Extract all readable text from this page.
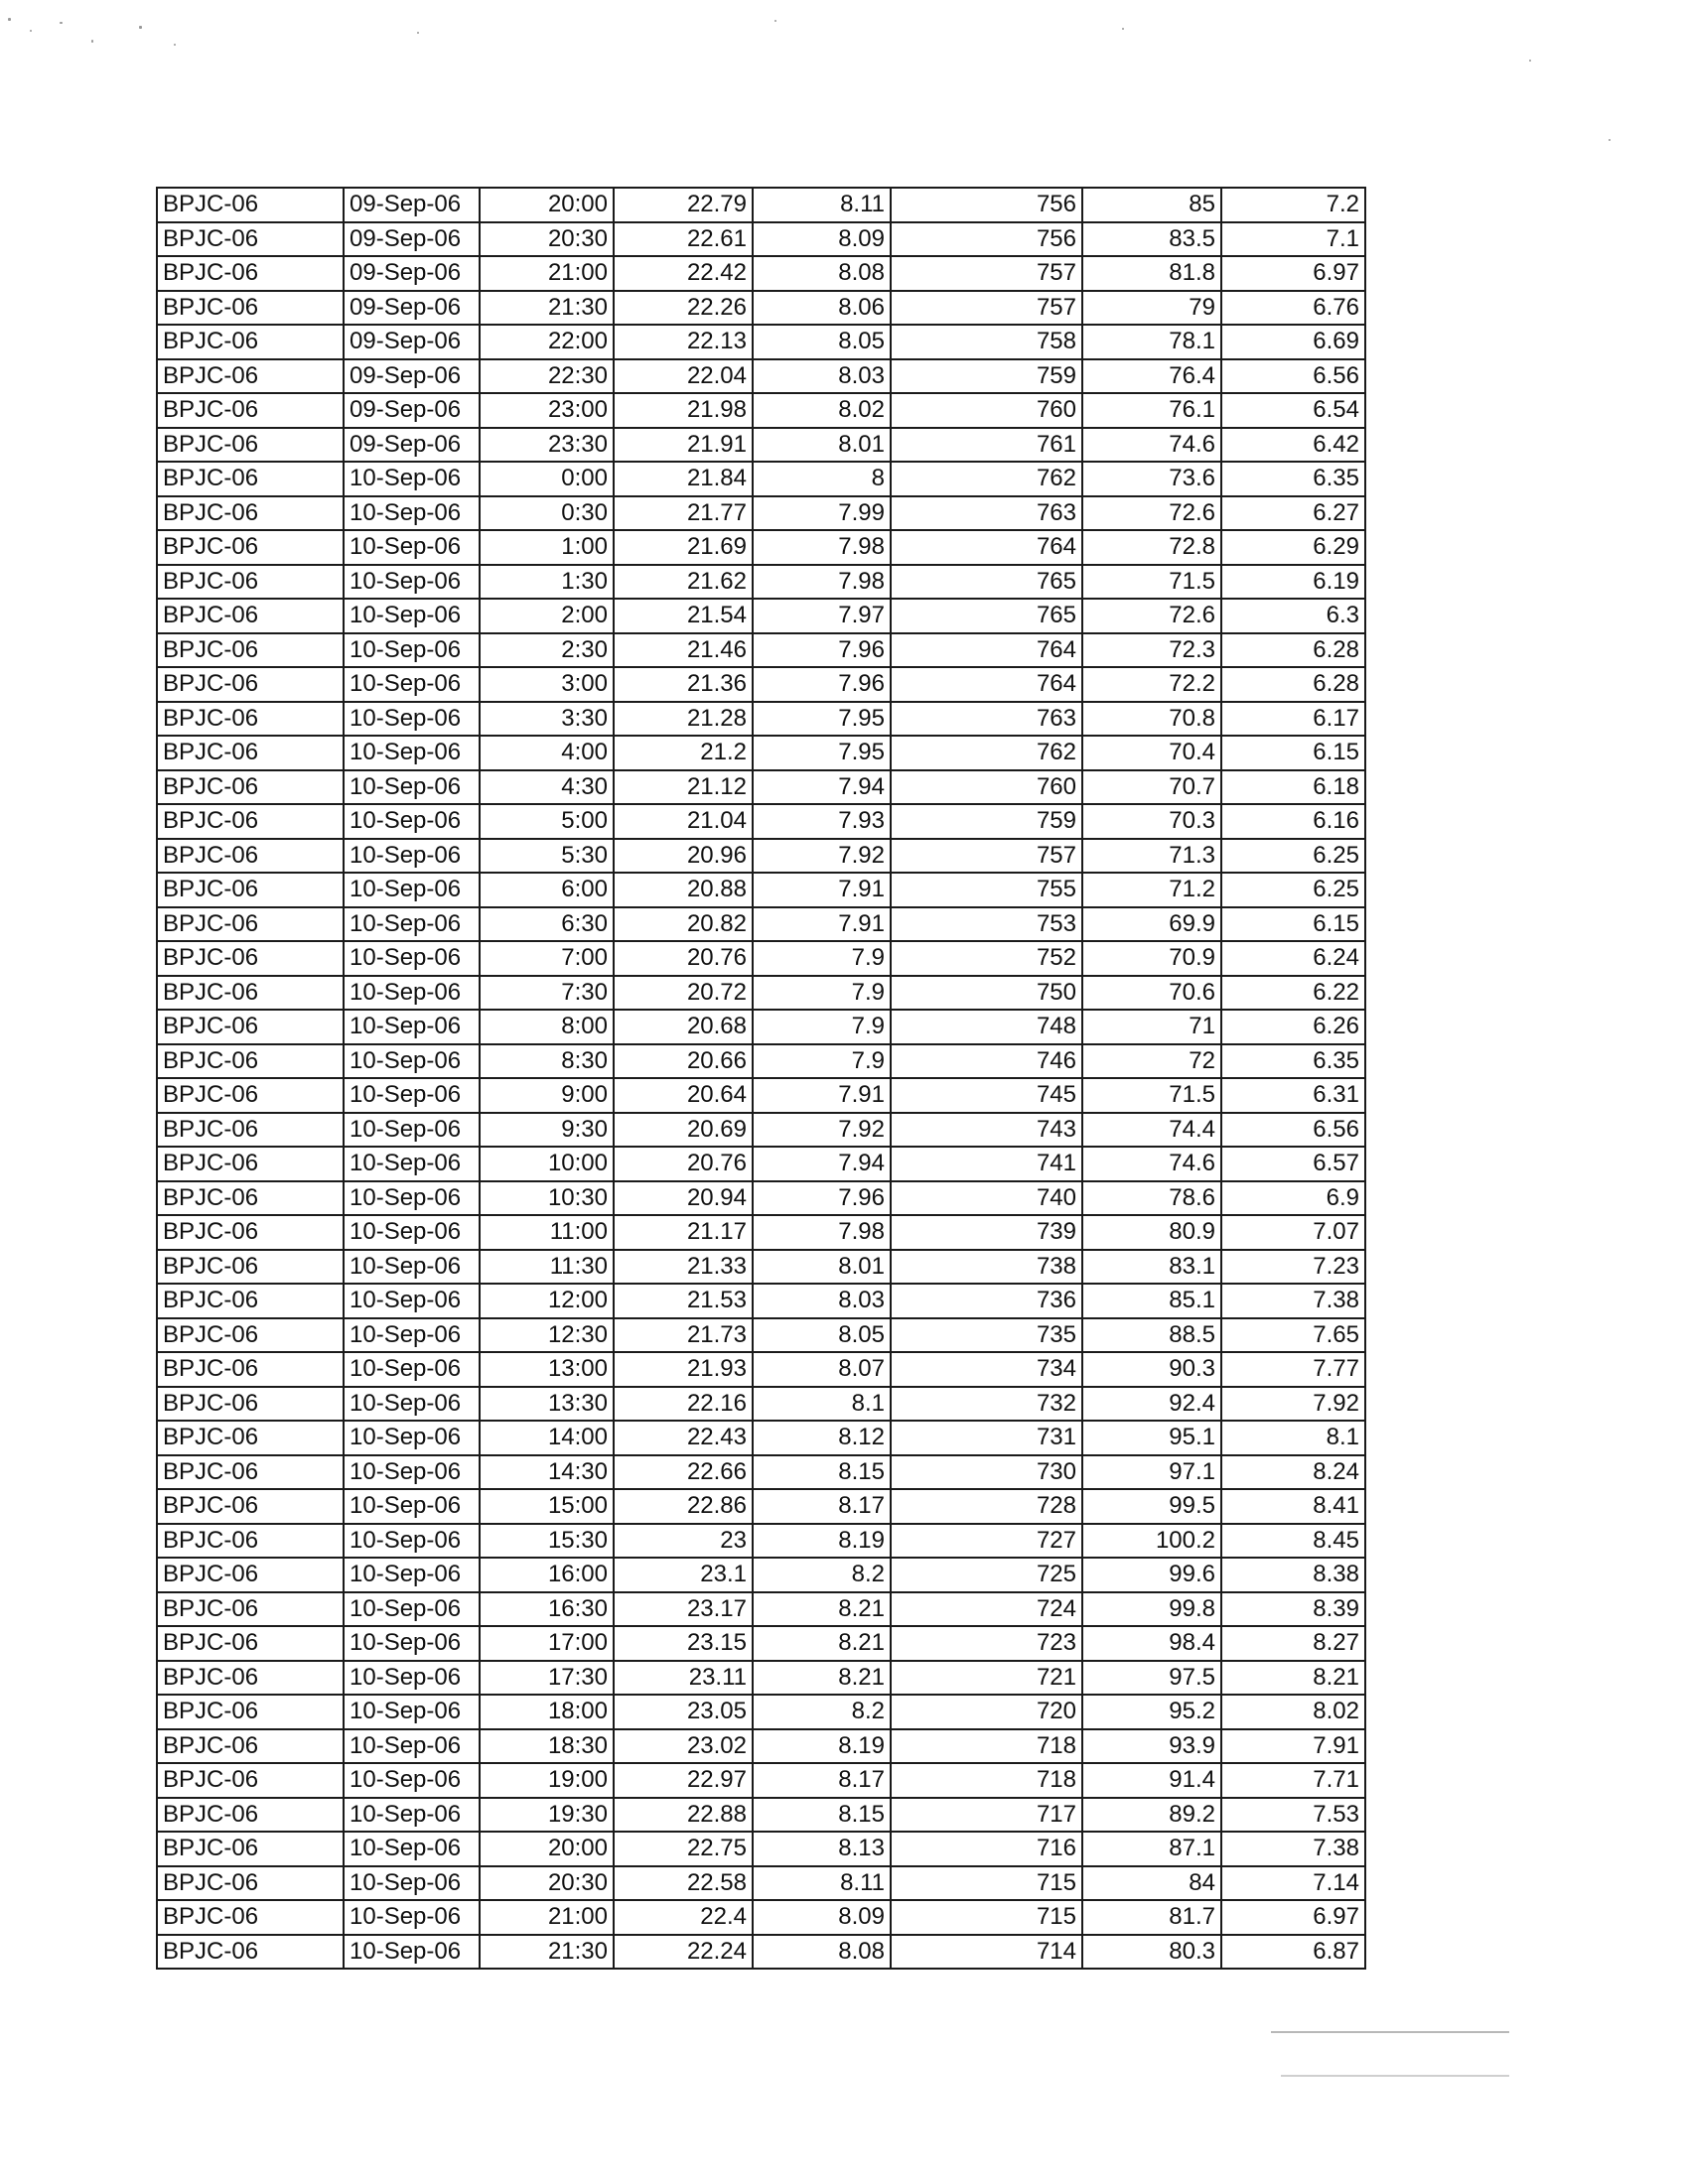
BPJC-06	09-Sep-06	20:00	22.79	8.11	756	85	7.2
BPJC-06	09-Sep-06	20:30	22.61	8.09	756	83.5	7.1
BPJC-06	09-Sep-06	21:00	22.42	8.08	757	81.8	6.97
BPJC-06	09-Sep-06	21:30	22.26	8.06	757	79	6.76
BPJC-06	09-Sep-06	22:00	22.13	8.05	758	78.1	6.69
BPJC-06	09-Sep-06	22:30	22.04	8.03	759	76.4	6.56
BPJC-06	09-Sep-06	23:00	21.98	8.02	760	76.1	6.54
BPJC-06	09-Sep-06	23:30	21.91	8.01	761	74.6	6.42
BPJC-06	10-Sep-06	0:00	21.84	8	762	73.6	6.35
BPJC-06	10-Sep-06	0:30	21.77	7.99	763	72.6	6.27
BPJC-06	10-Sep-06	1:00	21.69	7.98	764	72.8	6.29
BPJC-06	10-Sep-06	1:30	21.62	7.98	765	71.5	6.19
BPJC-06	10-Sep-06	2:00	21.54	7.97	765	72.6	6.3
BPJC-06	10-Sep-06	2:30	21.46	7.96	764	72.3	6.28
BPJC-06	10-Sep-06	3:00	21.36	7.96	764	72.2	6.28
BPJC-06	10-Sep-06	3:30	21.28	7.95	763	70.8	6.17
BPJC-06	10-Sep-06	4:00	21.2	7.95	762	70.4	6.15
BPJC-06	10-Sep-06	4:30	21.12	7.94	760	70.7	6.18
BPJC-06	10-Sep-06	5:00	21.04	7.93	759	70.3	6.16
BPJC-06	10-Sep-06	5:30	20.96	7.92	757	71.3	6.25
BPJC-06	10-Sep-06	6:00	20.88	7.91	755	71.2	6.25
BPJC-06	10-Sep-06	6:30	20.82	7.91	753	69.9	6.15
BPJC-06	10-Sep-06	7:00	20.76	7.9	752	70.9	6.24
BPJC-06	10-Sep-06	7:30	20.72	7.9	750	70.6	6.22
BPJC-06	10-Sep-06	8:00	20.68	7.9	748	71	6.26
BPJC-06	10-Sep-06	8:30	20.66	7.9	746	72	6.35
BPJC-06	10-Sep-06	9:00	20.64	7.91	745	71.5	6.31
BPJC-06	10-Sep-06	9:30	20.69	7.92	743	74.4	6.56
BPJC-06	10-Sep-06	10:00	20.76	7.94	741	74.6	6.57
BPJC-06	10-Sep-06	10:30	20.94	7.96	740	78.6	6.9
BPJC-06	10-Sep-06	11:00	21.17	7.98	739	80.9	7.07
BPJC-06	10-Sep-06	11:30	21.33	8.01	738	83.1	7.23
BPJC-06	10-Sep-06	12:00	21.53	8.03	736	85.1	7.38
BPJC-06	10-Sep-06	12:30	21.73	8.05	735	88.5	7.65
BPJC-06	10-Sep-06	13:00	21.93	8.07	734	90.3	7.77
BPJC-06	10-Sep-06	13:30	22.16	8.1	732	92.4	7.92
BPJC-06	10-Sep-06	14:00	22.43	8.12	731	95.1	8.1
BPJC-06	10-Sep-06	14:30	22.66	8.15	730	97.1	8.24
BPJC-06	10-Sep-06	15:00	22.86	8.17	728	99.5	8.41
BPJC-06	10-Sep-06	15:30	23	8.19	727	100.2	8.45
BPJC-06	10-Sep-06	16:00	23.1	8.2	725	99.6	8.38
BPJC-06	10-Sep-06	16:30	23.17	8.21	724	99.8	8.39
BPJC-06	10-Sep-06	17:00	23.15	8.21	723	98.4	8.27
BPJC-06	10-Sep-06	17:30	23.11	8.21	721	97.5	8.21
BPJC-06	10-Sep-06	18:00	23.05	8.2	720	95.2	8.02
BPJC-06	10-Sep-06	18:30	23.02	8.19	718	93.9	7.91
BPJC-06	10-Sep-06	19:00	22.97	8.17	718	91.4	7.71
BPJC-06	10-Sep-06	19:30	22.88	8.15	717	89.2	7.53
BPJC-06	10-Sep-06	20:00	22.75	8.13	716	87.1	7.38
BPJC-06	10-Sep-06	20:30	22.58	8.11	715	84	7.14
BPJC-06	10-Sep-06	21:00	22.4	8.09	715	81.7	6.97
BPJC-06	10-Sep-06	21:30	22.24	8.08	714	80.3	6.87
